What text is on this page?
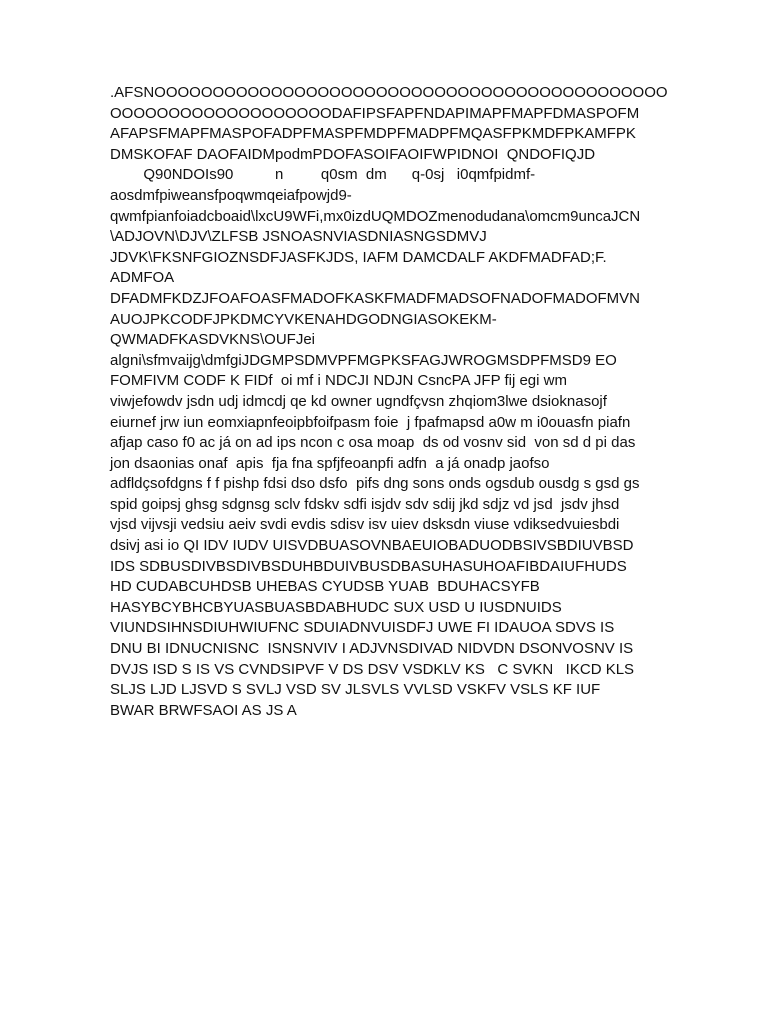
.AFSNOOOOOOOOOOOOOOOOOOOOOOOOOOOOOOOOOOOOOOOOOOOO
OOOOOOOOOOOOOOOOOOODAFIPSFAPFNDAPIMAPFMAPFDMASPOFM
AFAPSFMAPFMASPOFADPFMASPFMDPFMADPFMQASFPKMDFPKAMFPK
DMSKOFAF DAOFAIDMpodmPDOFASOIFAOIFWPIDNOI  QNDOFIQJD
Q90NDOIs90          n         q0sm  dm      q-0sj   i0qmfpidmf-
aosdmfpiweansfpoqwmqeiafpowjd9-
qwmfpianfoiadcboaid\lxcU9WFi,mx0izdUQMDOZmenodudana\omcm9uncaJCN
\ADJOVN\DJV\ZLFSB JSNOASNVIASDNIASNGSDMVJ
JDVK\FKSNFGIOZNSDFJASFKJDS, IAFM DAMCDALF AKDFMADFAD;F.
ADMFOA
DFADMFKDZJFOAFOASFMADOFKASKFMADFMADSOFNADOFMADOFMVN
AUOJPKCODFJPKDMCYVKENAHDGODNGIASOKEKM-
QWMADFKASDVKNS\OUFJei
algni\sfmvaijg\dmfgiJDGMPSDMVPFMGPKSFAGJWROGMSDPFMSD9 EO
FOMFIVM CODF K FIDf  oi mf i NDCJI NDJN CsncPA JFP fij egi wm
viwjefowdv jsdn udj idmcdj qe kd owner ugndfçvsn zhqiom3lwe dsioknasojf
eiurnef jrw iun eomxiapnfeoipbfoifpasm foie  j fpafmapsd a0w m i0ouasfn piafn
afjap caso f0 ac já on ad ips ncon c osa moap  ds od vosnv sid  von sd d pi das
jon dsaonias onaf  apis  fja fna spfjfeoanpfi adfn  a já onadp jaofso
adfldçsofdgns f f pishp fdsi dso dsfo  pifs dng sons onds ogsdub ousdg s gsd gs
spid goipsj ghsg sdgnsg sclv fdskv sdfi isjdv sdv sdij jkd sdjz vd jsd  jsdv jhsd
vjsd vijvsji vedsiu aeiv svdi evdis sdisv isv uiev dsksdn viuse vdiksedvuiesbdi
dsivj asi io QI IDV IUDV UISVDBUASOVNBAEUIOBADUODBSIVSBDIUVBSD
IDS SDBUSDIVBSDIVBSDUHBDUIVBUSDBASUHASUHOAFIBDAIUFHUDS
HD CUDABCUHDSB UHEBAS CYUDSB YUAB  BDUHACSYFB
HASYBCYBHCBYUASBUASBDABHUDC SUX USD U IUSDNUIDS
VIUNDSIHNSDIUHWIUFNC SDUIADNVUISDFJ UWE FI IDAUOA SDVS IS
DNU BI IDNUCNISNC  ISNSNVIV I ADJVNSDIVAD NIDVDN DSONVOSNV IS
DVJS ISD S IS VS CVNDSIPVF V DS DSV VSDKLV KS   C SVKN   IKCD KLS
SLJS LJD LJSVD S SVLJ VSD SV JLSVLS VVLSD VSKFV VSLS KF IUF
BWAR BRWFSAOI AS JS A
